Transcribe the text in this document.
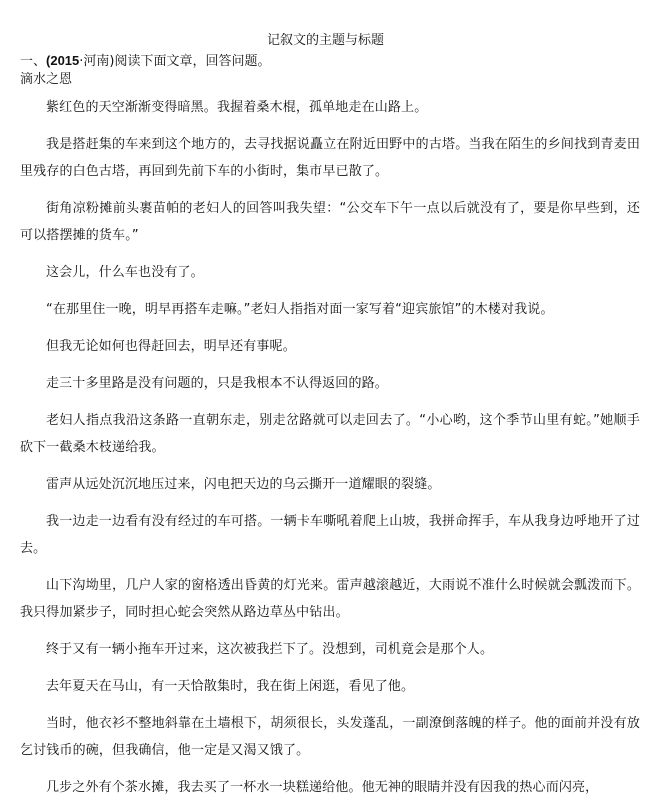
记叙文的主题与标题
一、(2015·河南)阅读下面文章，回答问题。
滴水之恩

紫红色的天空渐渐变得暗黑。我握着桑木棍，孤单地走在山路上。

我是搭赶集的车来到这个地方的，去寻找据说矗立在附近田野中的古塔。当我在陌生的乡间找到青麦田里残存的白色古塔，再回到先前下车的小街时，集市早已散了。

街角凉粉摊前头裹苗帕的老妇人的回答叫我失望：“公交车下午一点以后就没有了，要是你早些到，还可以搭摆摊的货车。”

这会儿，什么车也没有了。

“在那里住一晚，明早再搭车走嘛。”老妇人指指对面一家写着“迎宾旅馆”的木楼对我说。

但我无论如何也得赶回去，明早还有事呢。

走三十多里路是没有问题的，只是我根本不认得返回的路。

老妇人指点我沿这条路一直朝东走，别走岔路就可以走回去了。“小心哟，这个季节山里有蛇。”她顺手砍下一截桑木枝递给我。

雷声从远处沉沉地压过来，闪电把天边的乌云撕开一道耀眼的裂缝。

我一边走一边看有没有经过的车可搭。一辆卡车嘶吼着爬上山坡，我拼命挥手，车从我身边呼地开了过去。

山下沟坳里，几户人家的窗格透出昏黄的灯光来。雷声越滚越近，大雨说不准什么时候就会瓢泼而下。我只得加紧步子，同时担心蛇会突然从路边草丛中钻出。

终于又有一辆小拖车开过来，这次被我拦下了。没想到，司机竟会是那个人。

去年夏天在马山，有一天恰散集时，我在街上闲逛，看见了他。

当时，他衣衫不整地斜靠在土墙根下，胡须很长，头发蓬乱，一副潦倒落魄的样子。他的面前并没有放乞讨钱币的碗，但我确信，他一定是又渴又饿了。

几步之外有个茶水摊，我去买了一杯水一块糕递给他。他无神的眼睛并没有因我的热心而闪亮，
